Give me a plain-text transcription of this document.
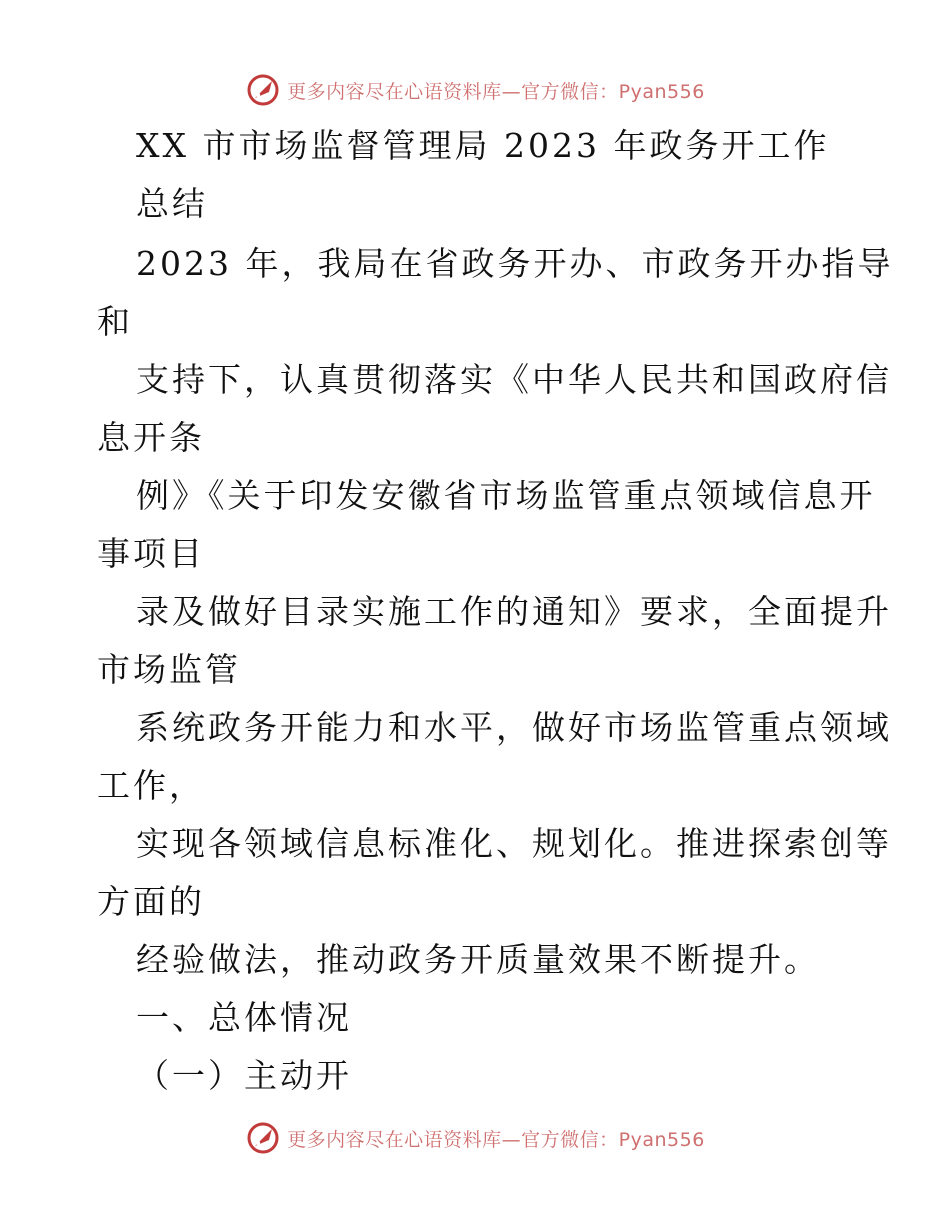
更多内容尽在心语资料库—官方微信：Pyan556
XX 市市场监督管理局 2023 年政务开工作
总结
2023 年，我局在省政务开办、市政务开办指导
和
支持下，认真贯彻落实《中华人民共和国政府信
息开条
例》《关于印发安徽省市场监管重点领域信息开
事项目
录及做好目录实施工作的通知》要求，全面提升
市场监管
系统政务开能力和水平，做好市场监管重点领域
工作，
实现各领域信息标准化、规划化。推进探索创等
方面的
经验做法，推动政务开质量效果不断提升。
一、总体情况
（一）主动开
更多内容尽在心语资料库—官方微信：Pyan556
